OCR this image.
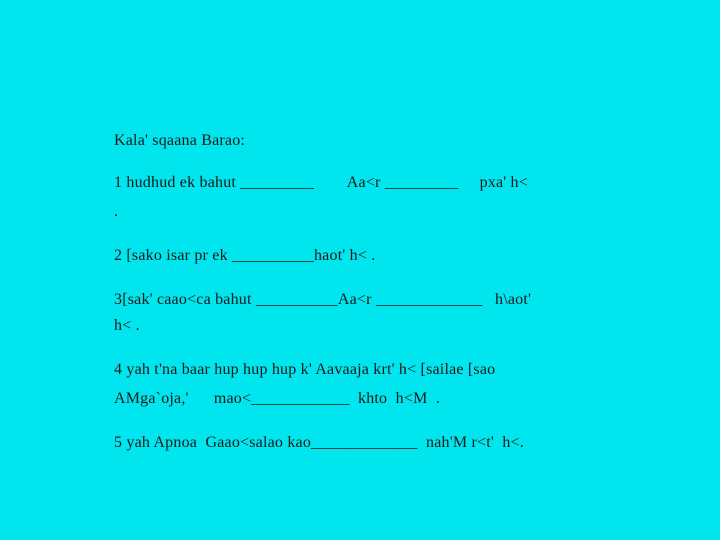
Kala' sqaana Barao:
1 hudhud ek bahut _________        Aa<r _________     pxa' h<
.
2 [sako isar pr ek __________haot' h< .
3[sak' caao<ca bahut __________Aa<r _____________   h\aot'
h< .
4 yah t'na baar hup hup hup k' Aavaaja krt' h< [sailae [sao
AMga`oja,'      mao<____________  khto  h<M  .
5 yah Apnoa  Gaao<salao kao_____________  nah'M r<t'  h<.
